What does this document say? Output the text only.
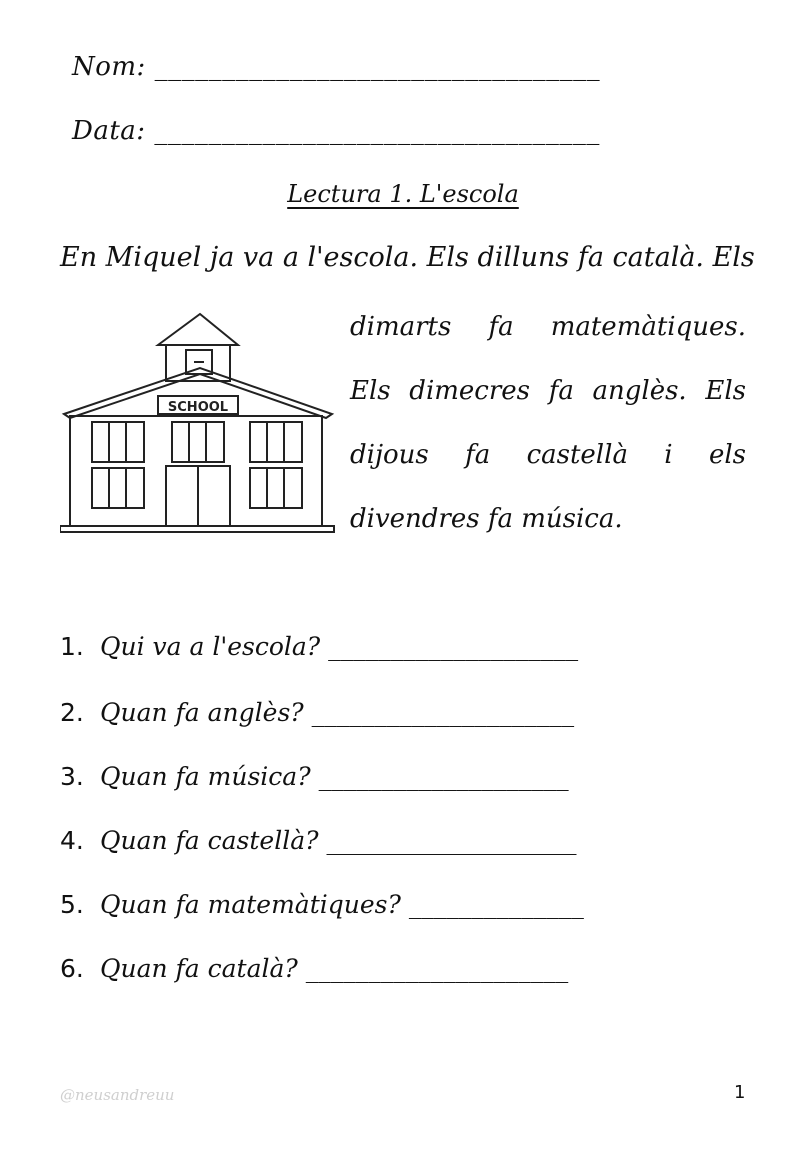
Nom: _________________________________
Data: _________________________________
Lectura 1. L'escola
En Miquel ja va a l'escola. Els dilluns fa català. Els
SCHOOL
dimarts fa matemàtiques.
Els dimecres fa anglès. Els
dijous fa castellà i els
divendres fa música.
1. Qui va a l'escola? ____________________
2. Quan fa anglès? _____________________
3. Quan fa música? ____________________
4. Quan fa castellà? ____________________
5. Quan fa matemàtiques? ______________
6. Quan fa català? _____________________
@neusandreuu	1
